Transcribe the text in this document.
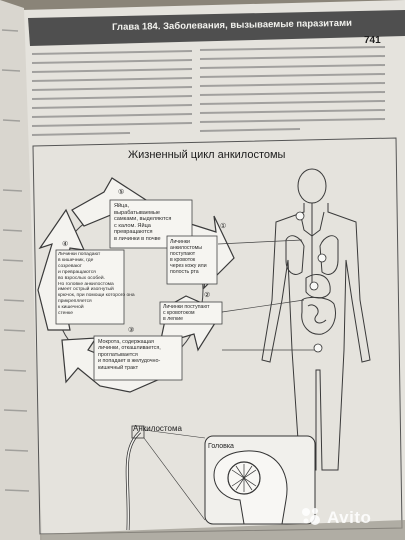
Глава 184. Заболевания, вызываемые паразитами
741
Жизненный цикл анкилостомы
⑤
Яйца,
вырабатываемые
самками, выделяются
с калом. Яйца
превращаются
в личинки в почве
①
Личинки
анкилостомы
поступают
в кровоток
через кожу или
полость рта
④
Личинки попадают
в кишечник, где
созревают
и превращаются
во взрослых особей.
Но головке анкилостома
имеет острый изогнутый
крючок, при помощи которого она
прикрепляется
к кишечной
стенке
②
Личинки поступают
с кровотоком
в легкие
③
Мокрота, содержащая
личинки, откашливается,
проглатывается
и попадает в желудочно-
кишечный тракт
Анкилостома
Головка
Avito
